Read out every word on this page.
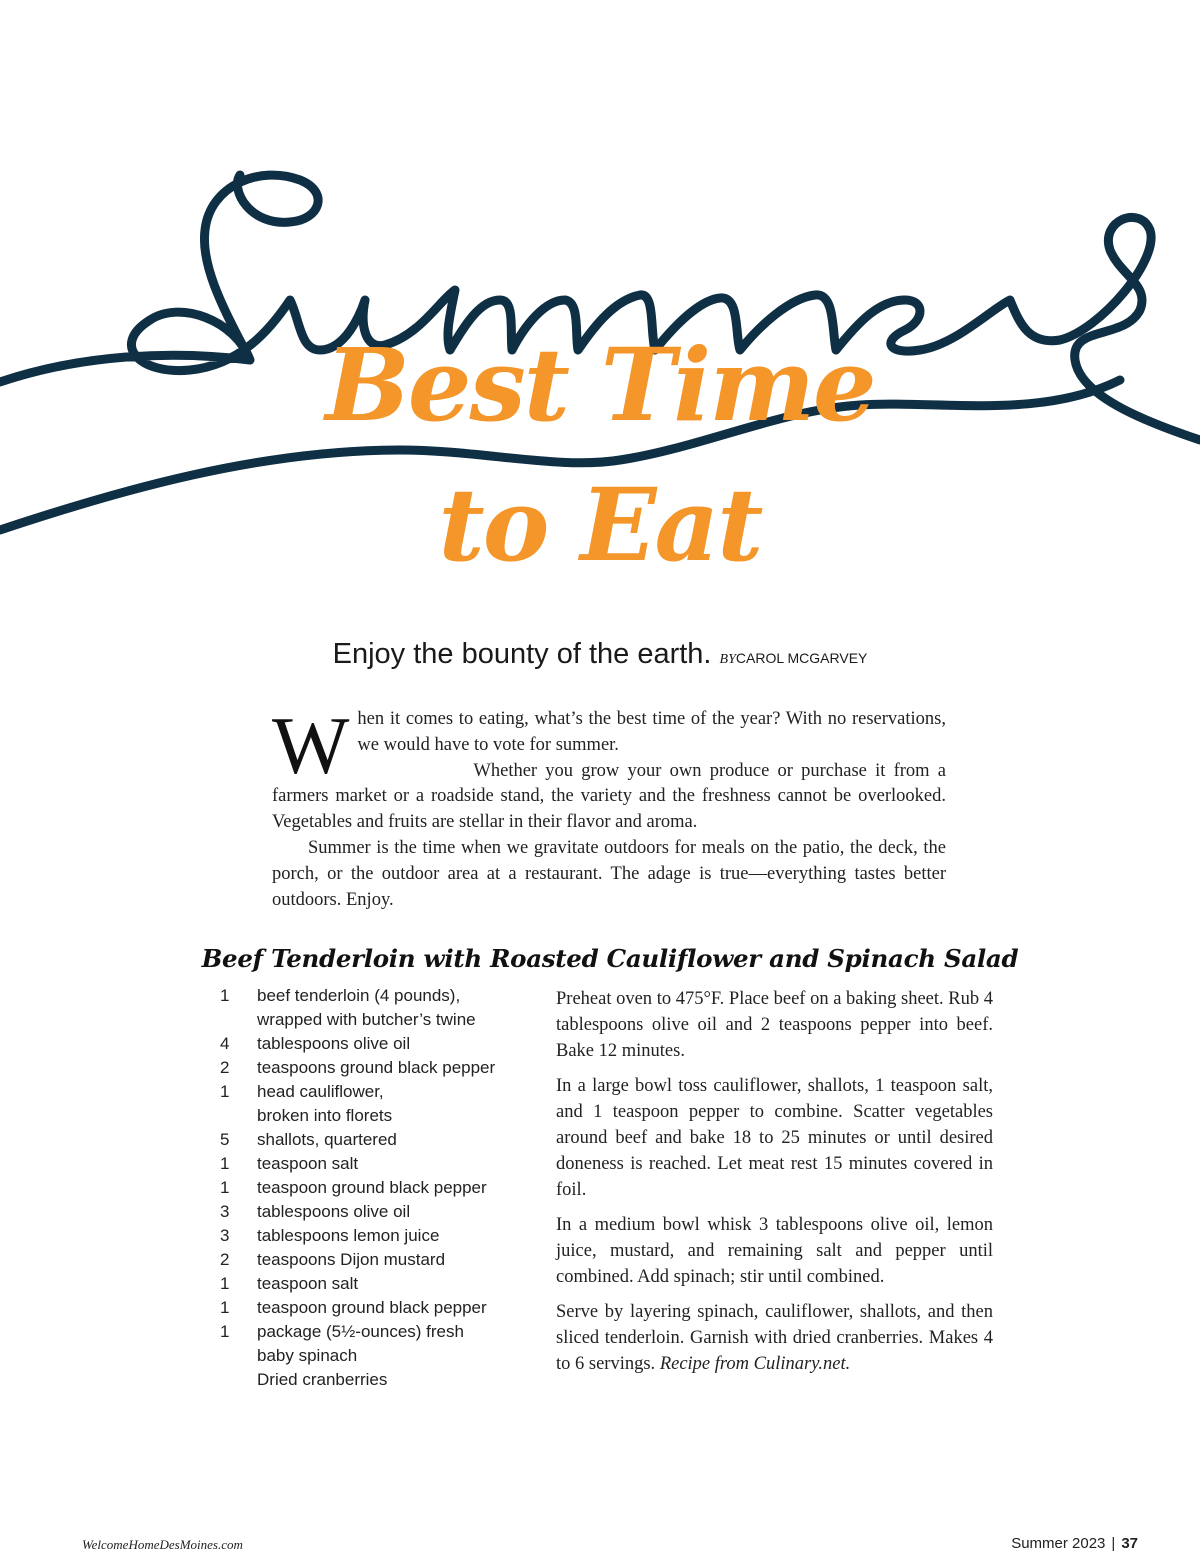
Best Time
to Eat
Enjoy the bounty of the earth. BYCAROL MCGARVEY

When it comes to eating, what’s the best time of the year? With no reservations, we would have to vote for summer.

Whether you grow your own produce or purchase it from a farmers market or a roadside stand, the variety and the freshness cannot be overlooked. Vegetables and fruits are stellar in their flavor and aroma.

Summer is the time when we gravitate outdoors for meals on the patio, the deck, the porch, or the outdoor area at a restaurant. The adage is true—everything tastes better outdoors. Enjoy.

Beef Tenderloin with Roasted Cauliflower and Spinach Salad
1	beef tenderloin (4 pounds),
wrapped with butcher’s twine
4	tablespoons olive oil
2	teaspoons ground black pepper
1	head cauliflower,
broken into florets
5	shallots, quartered
1	teaspoon salt
1	teaspoon ground black pepper
3	tablespoons olive oil
3	tablespoons lemon juice
2	teaspoons Dijon mustard
1	teaspoon salt
1	teaspoon ground black pepper
1	package (5½-ounces) fresh
baby spinach
Dried cranberries

Preheat oven to 475°F. Place beef on a baking sheet. Rub 4 tablespoons olive oil and 2 teaspoons pepper into beef. Bake 12 minutes.

In a large bowl toss cauliflower, shallots, 1 teaspoon salt, and 1 teaspoon pepper to combine. Scatter vegetables around beef and bake 18 to 25 minutes or until desired doneness is reached. Let meat rest 15 minutes covered in foil.

In a medium bowl whisk 3 tablespoons olive oil, lemon juice, mustard, and remaining salt and pepper until combined. Add spinach; stir until combined.

Serve by layering spinach, cauliflower, shallots, and then sliced tenderloin. Garnish with dried cranberries. Makes 4 to 6 servings. Recipe from Culinary.net.

WelcomeHomeDesMoines.com	Summer 2023 | 37
